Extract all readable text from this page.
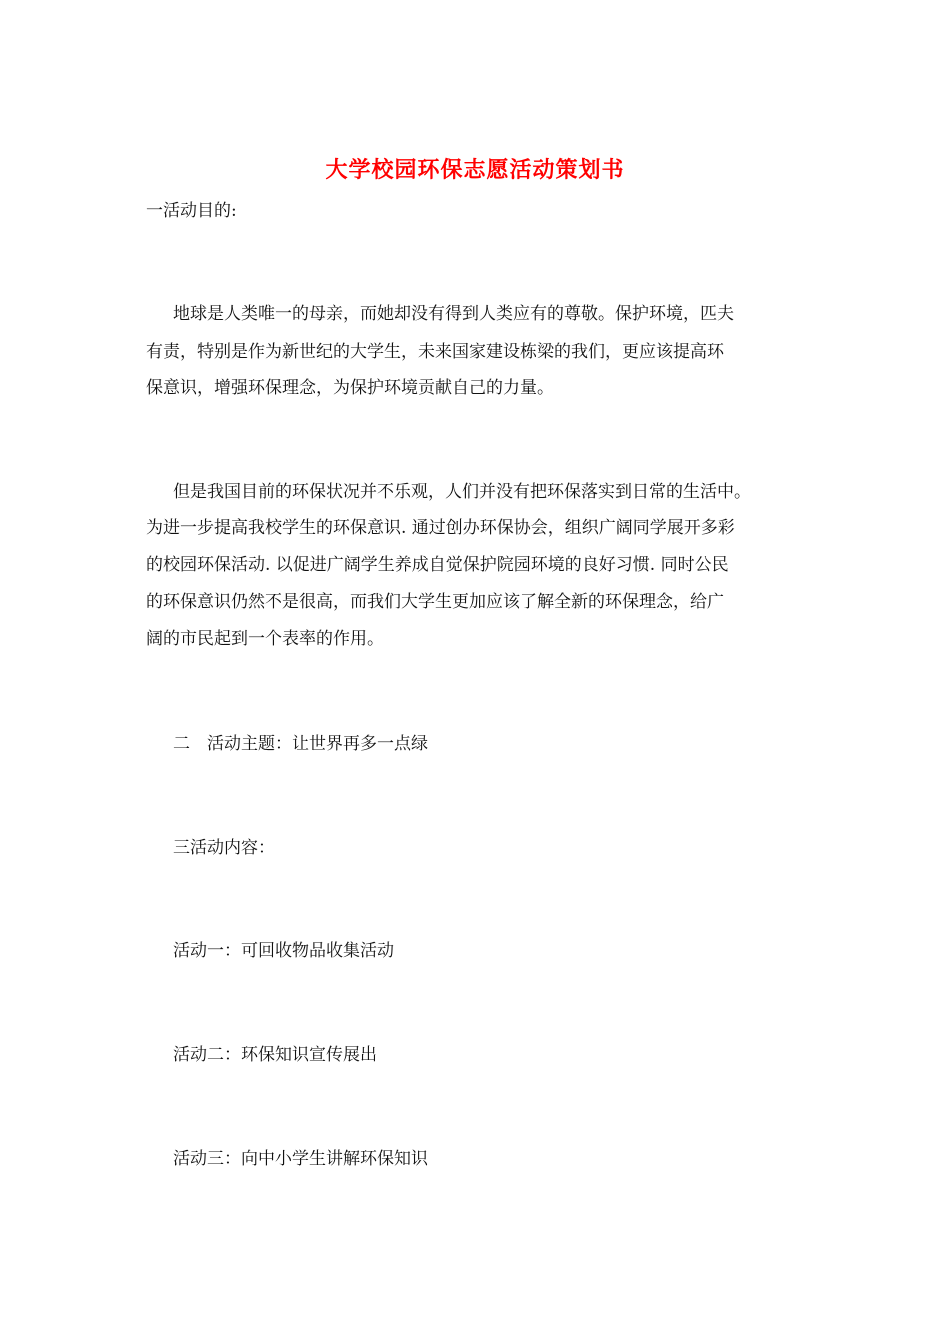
大学校园环保志愿活动策划书
一活动目的:
地球是人类唯一的母亲，而她却没有得到人类应有的尊敬。保护环境，匹夫
有责，特别是作为新世纪的大学生，未来国家建设栋梁的我们，更应该提高环
保意识，增强环保理念，为保护环境贡献自己的力量。
但是我国目前的环保状况并不乐观，人们并没有把环保落实到日常的生活中。
为进一步提高我校学生的环保意识. 通过创办环保协会，组织广阔同学展开多彩
的校园环保活动. 以促进广阔学生养成自觉保护院园环境的良好习惯. 同时公民
的环保意识仍然不是很高，而我们大学生更加应该了解全新的环保理念，给广
阔的市民起到一个表率的作用。
二　活动主题：让世界再多一点绿
三活动内容：
活动一：可回收物品收集活动
活动二：环保知识宣传展出
活动三：向中小学生讲解环保知识
